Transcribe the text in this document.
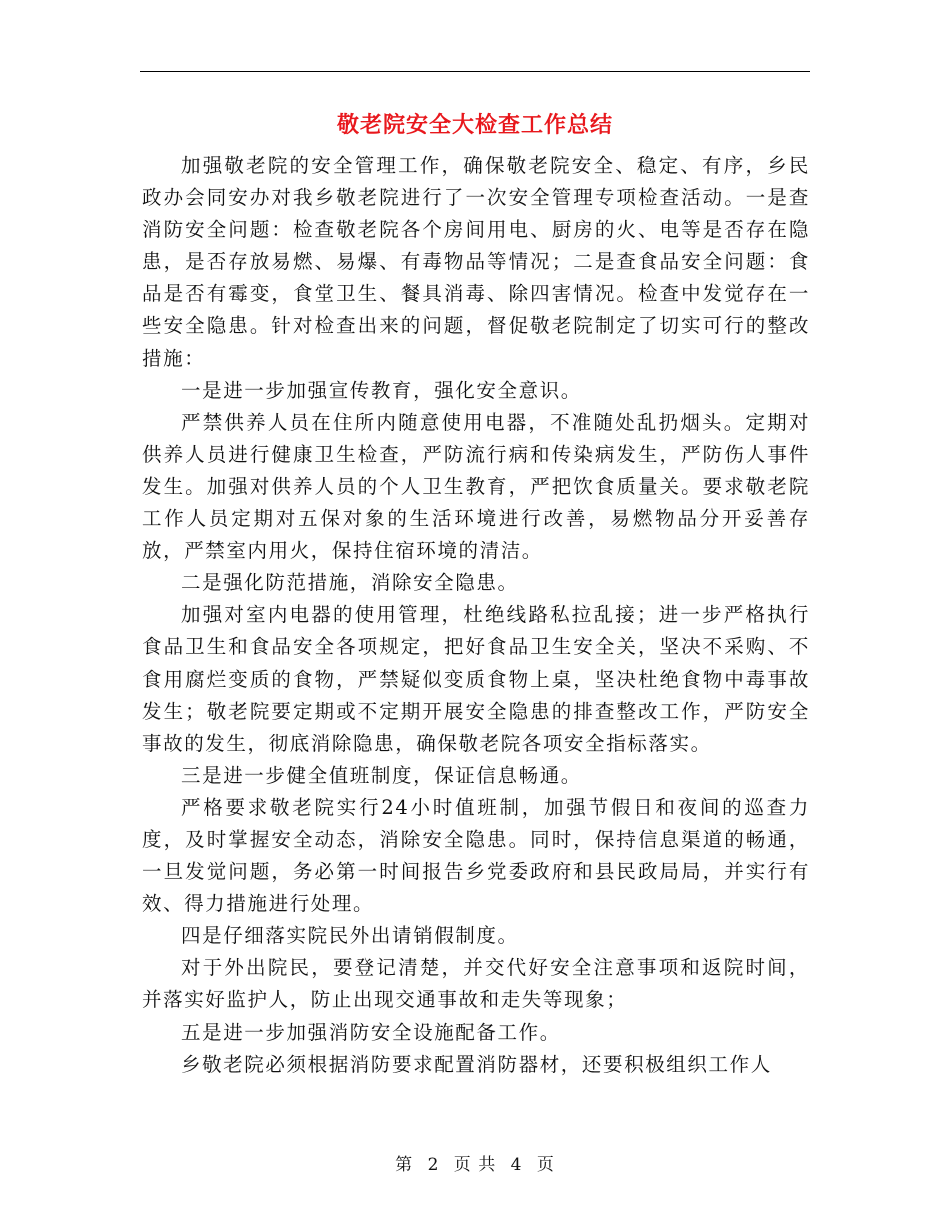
敬老院安全大检查工作总结

加强敬老院的安全管理工作，确保敬老院安全、稳定、有序，乡民政办会同安办对我乡敬老院进行了一次安全管理专项检查活动。一是查消防安全问题：检查敬老院各个房间用电、厨房的火、电等是否存在隐患，是否存放易燃、易爆、有毒物品等情况；二是查食品安全问题：食品是否有霉变，食堂卫生、餐具消毒、除四害情况。检查中发觉存在一些安全隐患。针对检查出来的问题，督促敬老院制定了切实可行的整改措施：

一是进一步加强宣传教育，强化安全意识。

严禁供养人员在住所内随意使用电器，不准随处乱扔烟头。定期对供养人员进行健康卫生检查，严防流行病和传染病发生，严防伤人事件发生。加强对供养人员的个人卫生教育，严把饮食质量关。要求敬老院工作人员定期对五保对象的生活环境进行改善，易燃物品分开妥善存放，严禁室内用火，保持住宿环境的清洁。

二是强化防范措施，消除安全隐患。

加强对室内电器的使用管理，杜绝线路私拉乱接；进一步严格执行食品卫生和食品安全各项规定，把好食品卫生安全关，坚决不采购、不食用腐烂变质的食物，严禁疑似变质食物上桌，坚决杜绝食物中毒事故发生；敬老院要定期或不定期开展安全隐患的排查整改工作，严防安全事故的发生，彻底消除隐患，确保敬老院各项安全指标落实。

三是进一步健全值班制度，保证信息畅通。

严格要求敬老院实行24小时值班制，加强节假日和夜间的巡查力度，及时掌握安全动态，消除安全隐患。同时，保持信息渠道的畅通，一旦发觉问题，务必第一时间报告乡党委政府和县民政局局，并实行有效、得力措施进行处理。

四是仔细落实院民外出请销假制度。

对于外出院民，要登记清楚，并交代好安全注意事项和返院时间，并落实好监护人，防止出现交通事故和走失等现象；

五是进一步加强消防安全设施配备工作。

乡敬老院必须根据消防要求配置消防器材，还要积极组织工作人

第 2 页 共 4 页
